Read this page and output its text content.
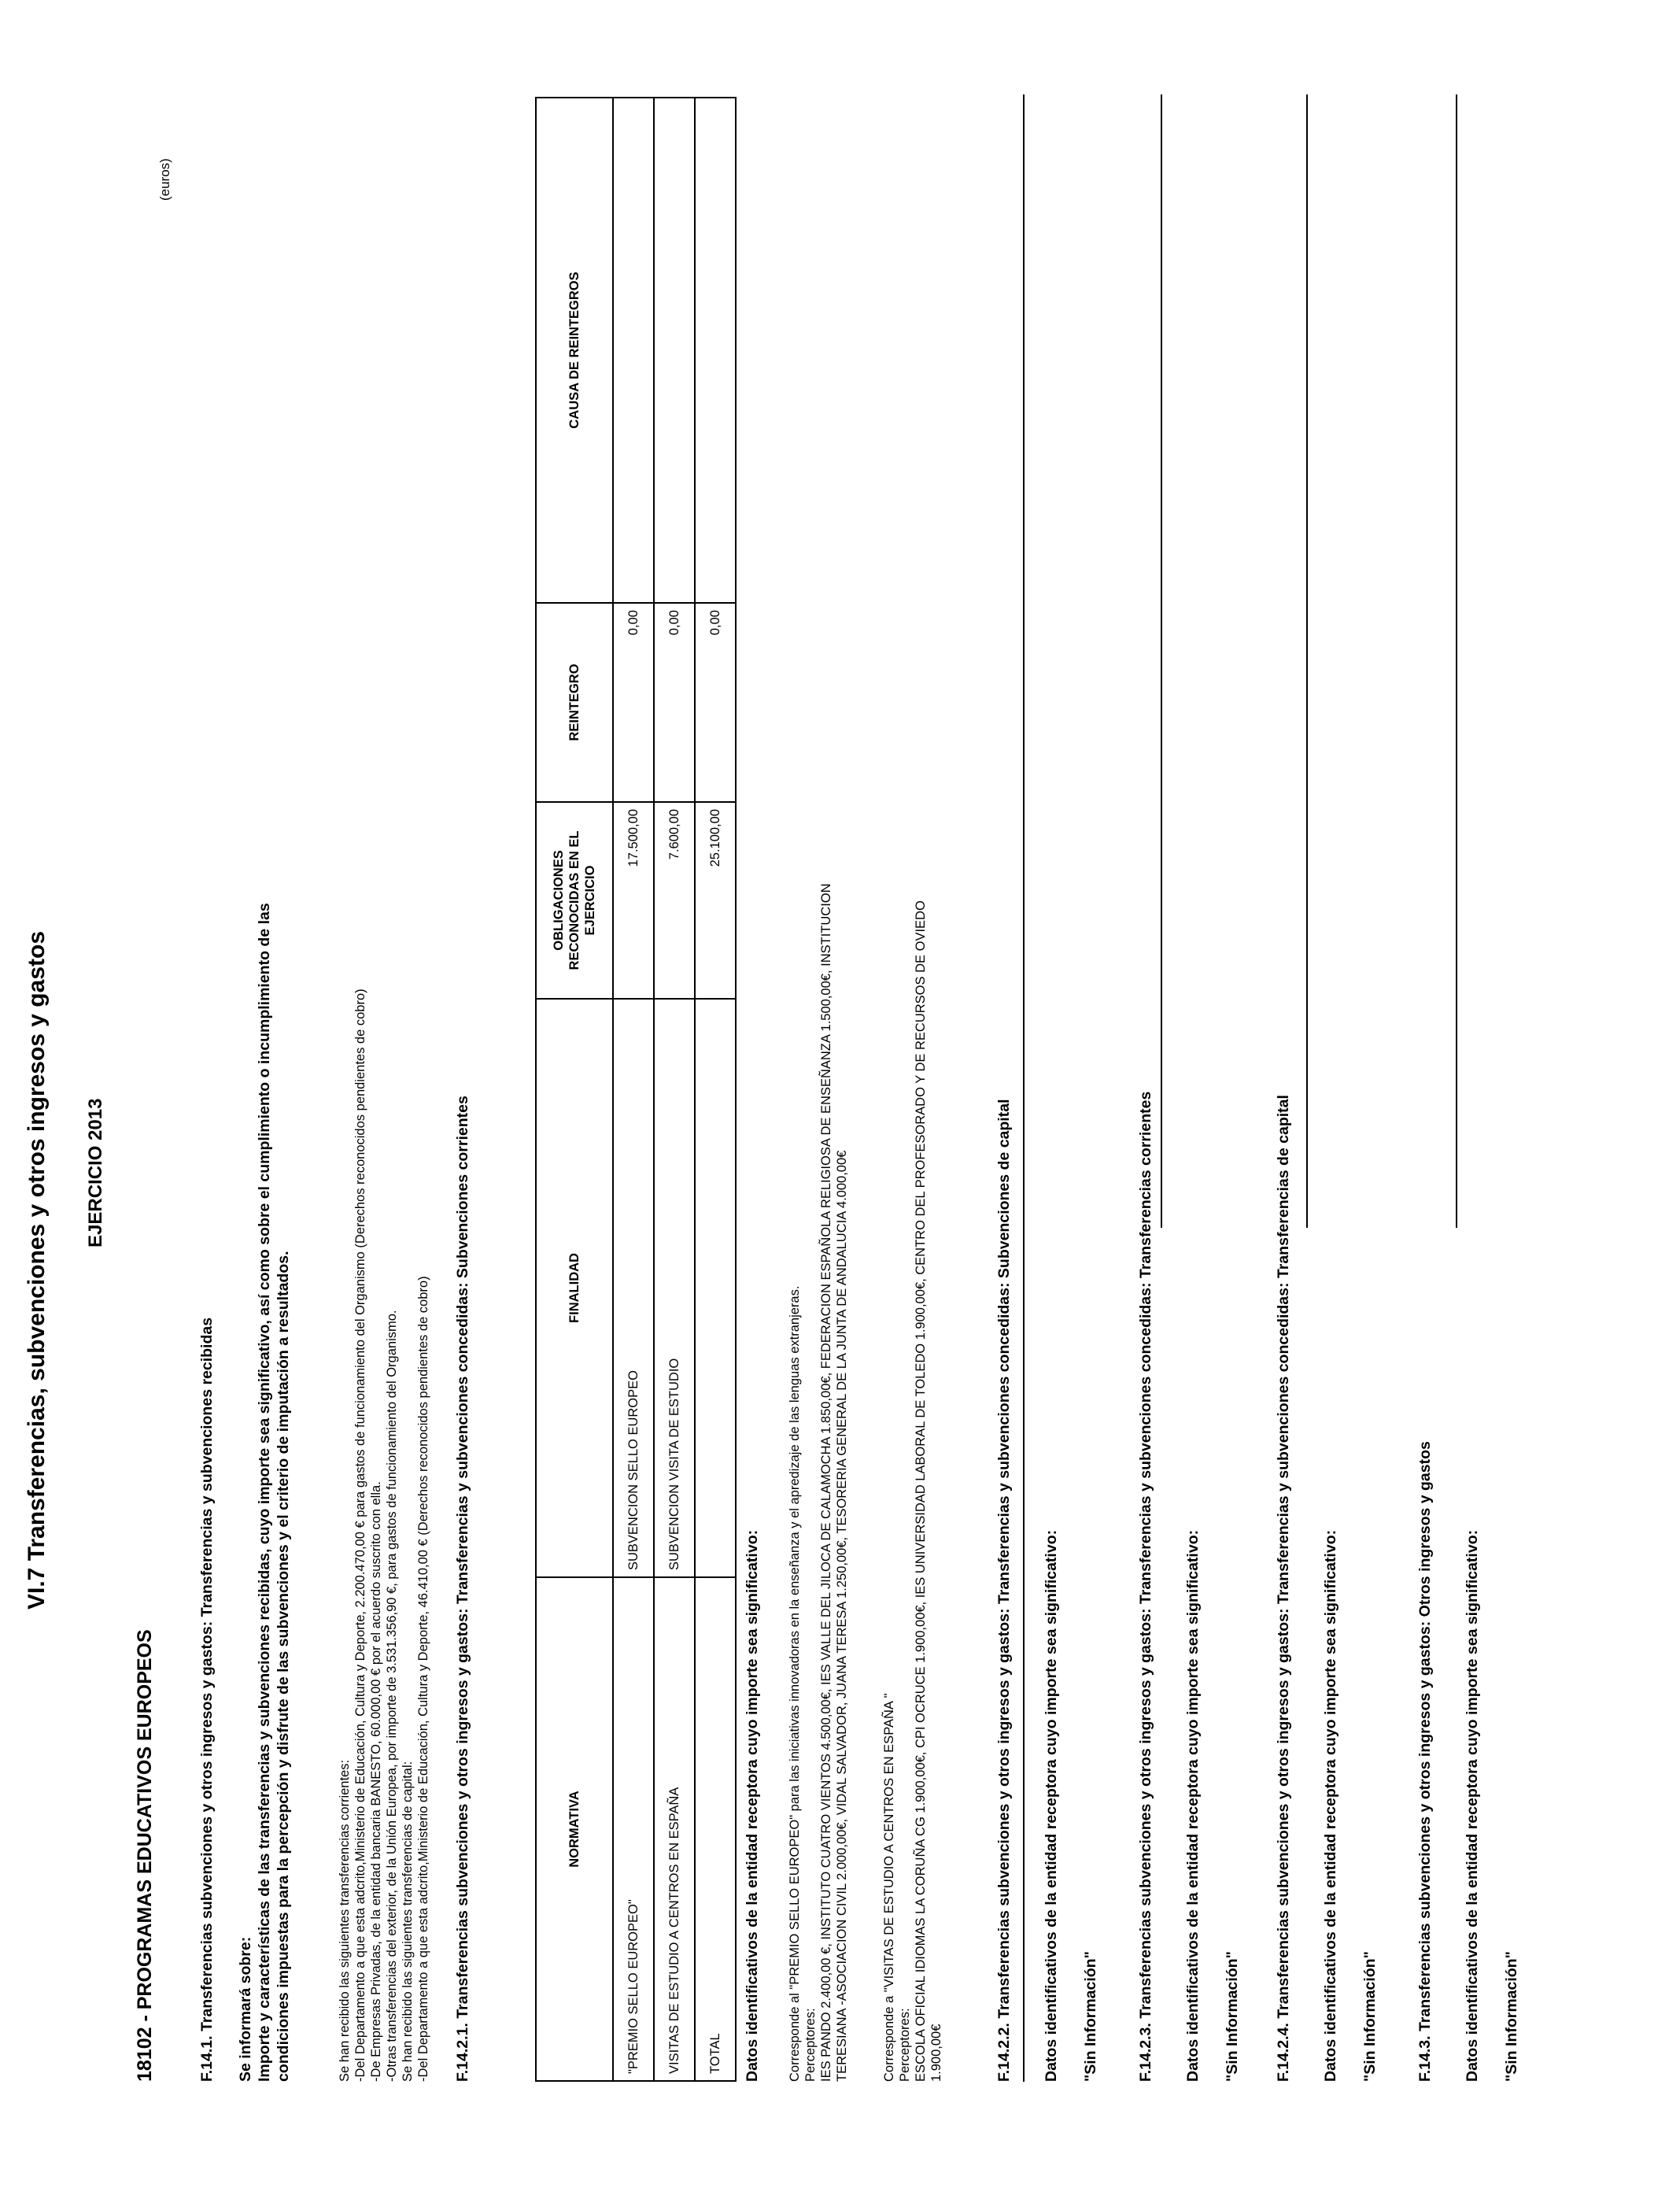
VI.7 Transferencias, subvenciones y otros ingresos y gastos EJERCICIO 2013
18102 - PROGRAMAS EDUCATIVOS EUROPEOS
(euros)
F.14.1. Transferencias subvenciones y otros ingresos y gastos: Transferencias y subvenciones recibidas Se informará sobre: Importe y características de las transferencias y subvenciones recibidas, cuyo importe sea significativo, así como sobre el cumplimiento o incumplimiento de las condiciones impuestas para la percepción y disfrute de las subvenciones y el criterio de imputación a resultados.	Se han recibido las siguientes transferencias corrientes: -Del Departamento a que esta adcrito,Ministerio de Educación, Cultura y Deporte, 2.200.470,00 € para gastos de funcionamiento del Organismo (Derechos reconocidos pendientes de cobro) -De Empresas Privadas, de la entidad bancaria BANESTO, 60.000,00 € por el acuerdo suscrito con ella. -Otras transferencias del exterior, de la Unión Europea, por importe de 3.531.356,90 €, para gastos de funcionamiento del Organismo. Se han recibido las siguientes transferencias de capital: -Del Departamento a que esta adcrito,Ministerio de Educación, Cultura y Deporte, 46.410,00 € (Derechos reconocidos pendientes de cobro) F.14.2.1. Transferencias subvenciones y otros ingresos y gastos: Transferencias y subvenciones concedidas: Subvenciones corrientes	NORMATIVA	FINALIDAD	OBLIGACIONES RECONOCIDAS EN EL EJERCICIO	REINTEGRO	CAUSA DE REINTEGROS
"PREMIO SELLO EUROPEO"	SUBVENCION SELLO EUROPEO	17.500,00	0,00	
VISITAS DE ESTUDIO A CENTROS EN ESPAÑA	SUBVENCION VISITA DE ESTUDIO	7.600,00	0,00	
TOTAL		25.100,00	0,00	
Datos identificativos de la entidad receptora cuyo importe sea significativo: Corresponde al "PREMIO SELLO EUROPEO" para las iniciativas innovadoras en la enseñanza y el apredizaje de las lenguas extranjeras. Perceptores: IES PANDO 2.400,00 €, INSTITUTO CUATRO VIENTOS 4.500,00€, IES VALLE DEL JILOCA DE CALAMOCHA 1.850,00€, FEDERACION ESPAÑOLA RELIGIOSA DE ENSEÑANZA 1.500,00€, INSTITUCION TERESIANA -ASOCIACION CIVIL 2.000,00€, VIDAL SALVADOR, JUANA TERESA 1.250,00€, TESORERIA GENERAL DE LA JUNTA DE ANDALUCIA 4.000,00€	Corresponde a "VISITAS DE ESTUDIO A CENTROS EN ESPAÑA " Perceptores: ESCOLA OFICIAL IDIOMAS LA CORUÑA CG 1.900,00€, CPI OCRUCE 1.900,00€, IES UNIVERSIDAD LABORAL DE TOLEDO 1.900,00€, CENTRO DEL PROFESORADO Y DE RECURSOS DE OVIEDO 1.900,00€	F.14.2.2. Transferencias subvenciones y otros ingresos y gastos: Transferencias y subvenciones concedidas: Subvenciones de capital Datos identificativos de la entidad receptora cuyo importe sea significativo: "Sin Información" F.14.2.3. Transferencias subvenciones y otros ingresos y gastos: Transferencias y subvenciones concedidas: Transferencias corrientes Datos identificativos de la entidad receptora cuyo importe sea significativo: "Sin Información" F.14.2.4. Transferencias subvenciones y otros ingresos y gastos: Transferencias y subvenciones concedidas: Transferencias de capital Datos identificativos de la entidad receptora cuyo importe sea significativo: "Sin Información" F.14.3. Transferencias subvenciones y otros ingresos y gastos: Otros ingresos y gastos Datos identificativos de la entidad receptora cuyo importe sea significativo: "Sin Información"
